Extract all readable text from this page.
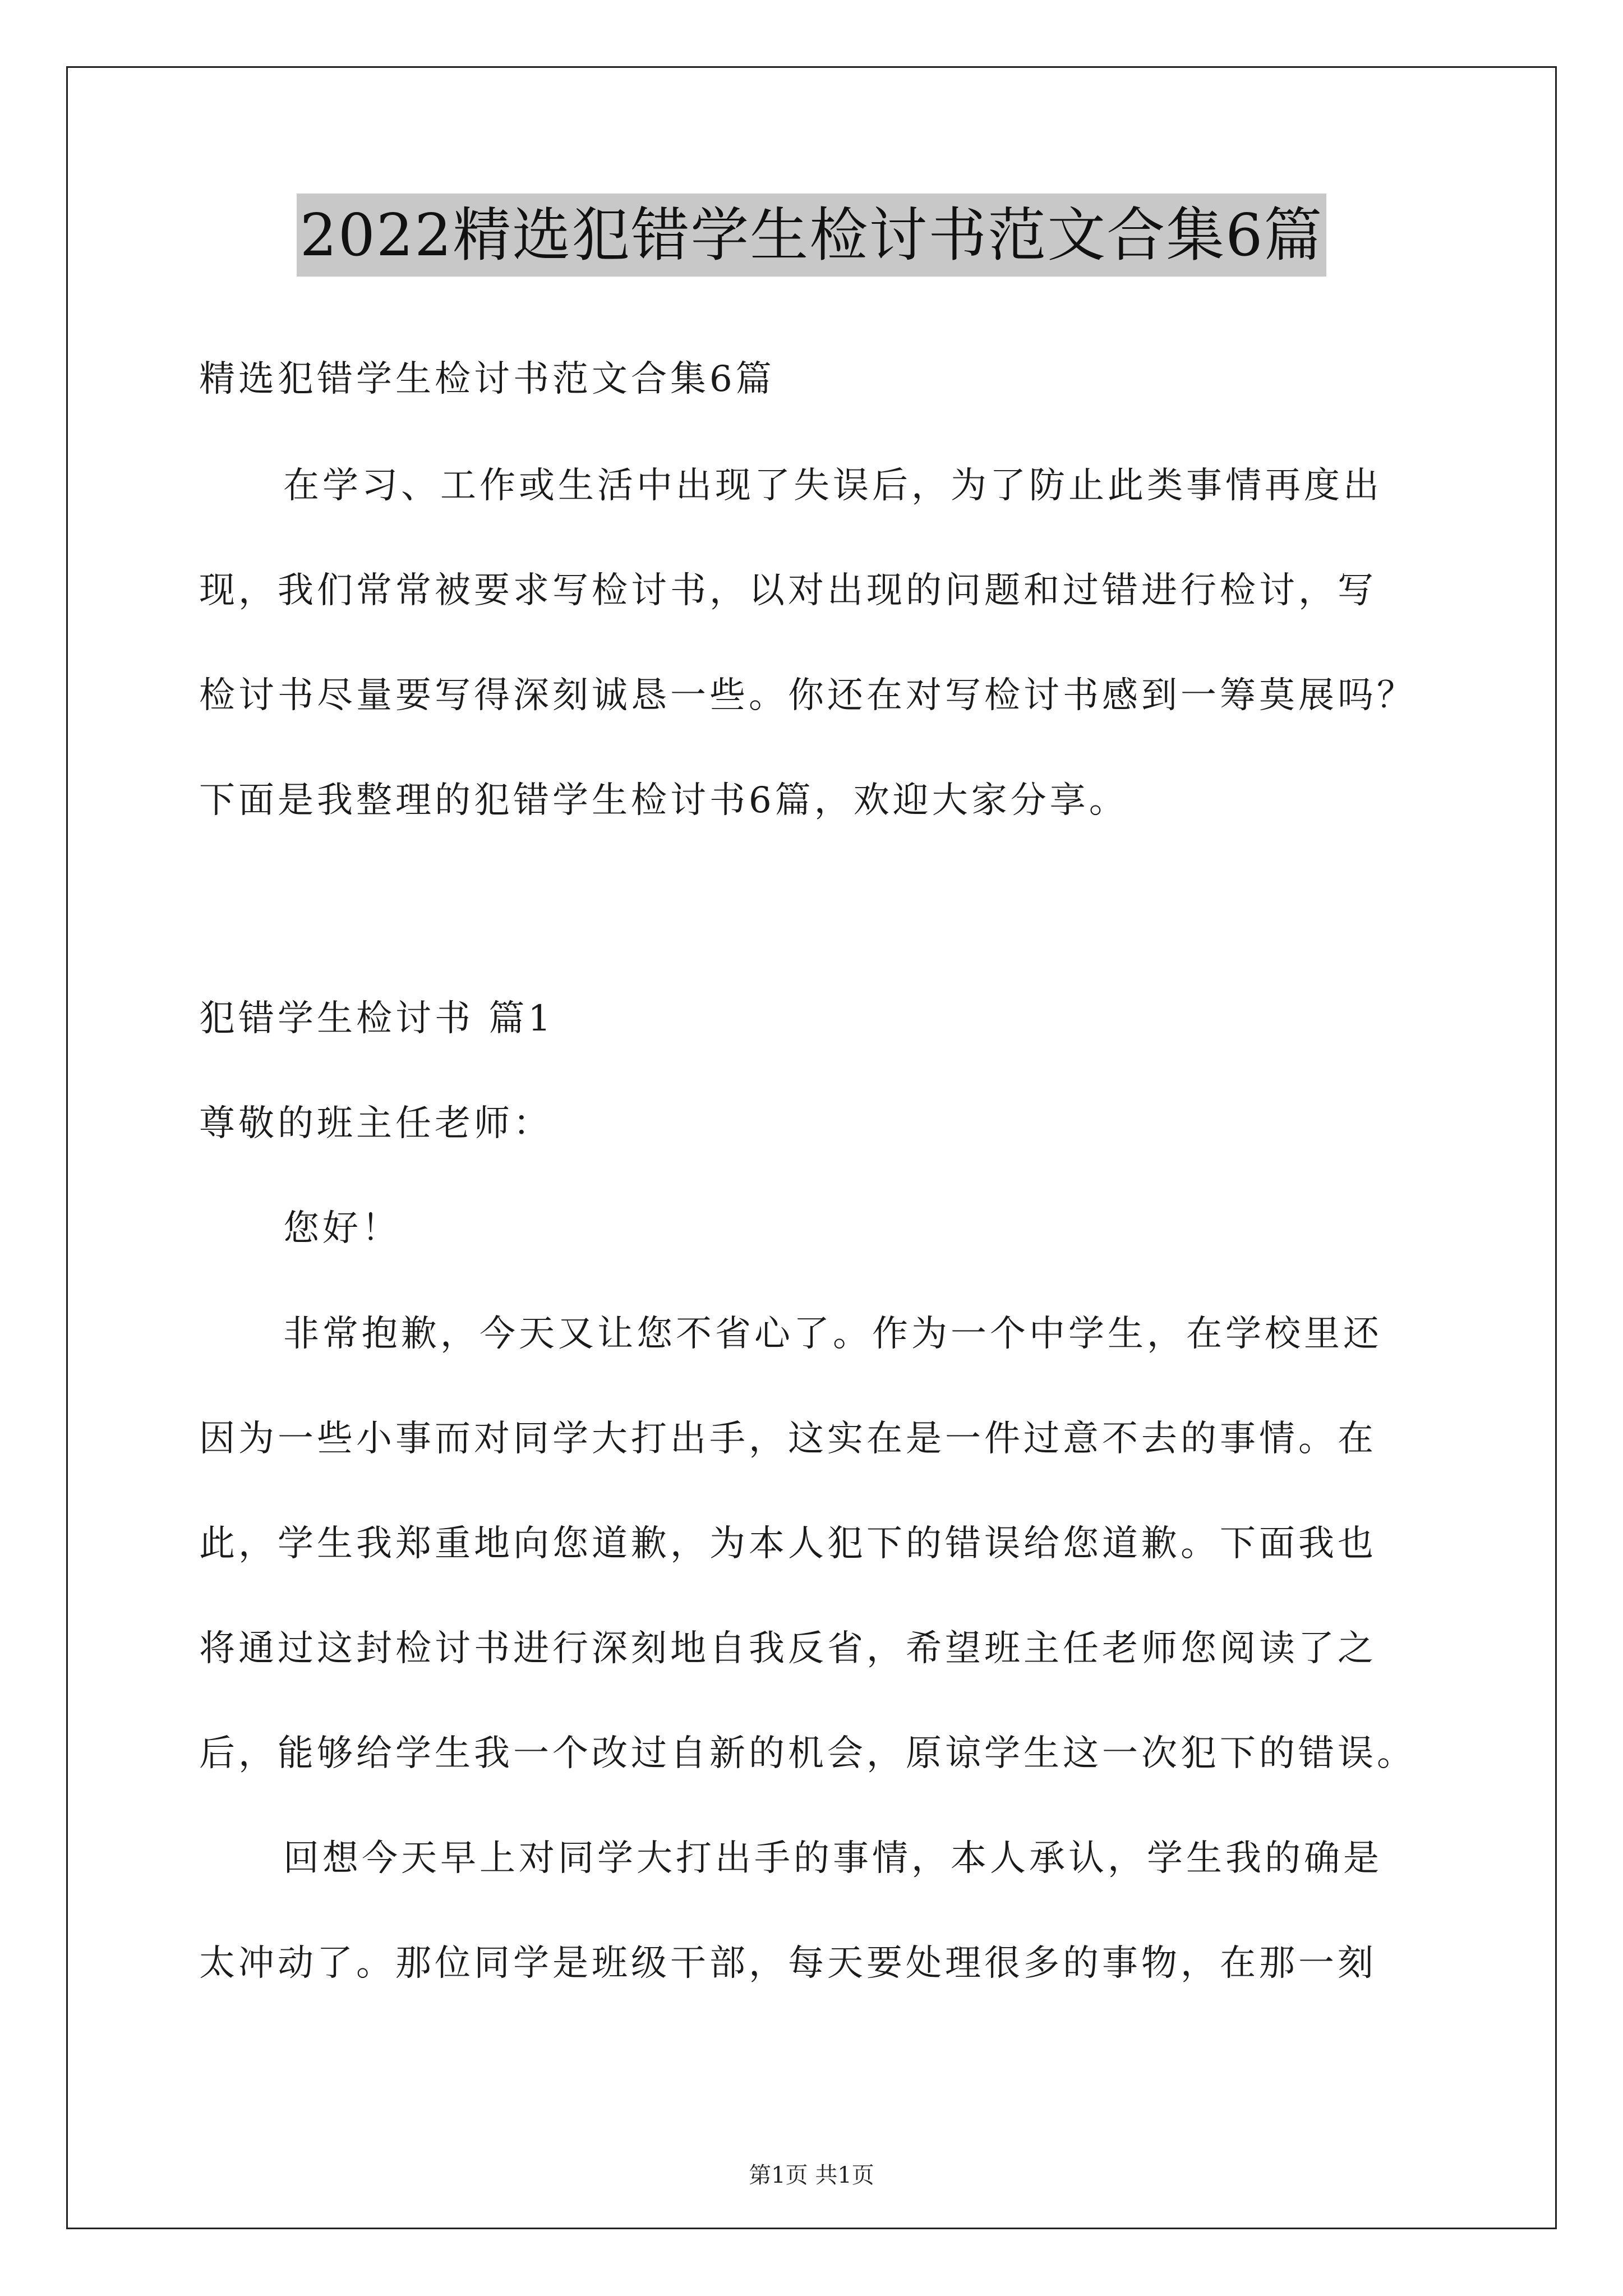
2022精选犯错学生检讨书范文合集6篇
精选犯错学生检讨书范文合集6篇
在学习、工作或生活中出现了失误后，为了防止此类事情再度出
现，我们常常被要求写检讨书，以对出现的问题和过错进行检讨，写
检讨书尽量要写得深刻诚恳一些。你还在对写检讨书感到一筹莫展吗？
下面是我整理的犯错学生检讨书6篇，欢迎大家分享。
犯错学生检讨书 篇1
尊敬的班主任老师：
您好！
非常抱歉，今天又让您不省心了。作为一个中学生，在学校里还
因为一些小事而对同学大打出手，这实在是一件过意不去的事情。在
此，学生我郑重地向您道歉，为本人犯下的错误给您道歉。下面我也
将通过这封检讨书进行深刻地自我反省，希望班主任老师您阅读了之
后，能够给学生我一个改过自新的机会，原谅学生这一次犯下的错误。
回想今天早上对同学大打出手的事情，本人承认，学生我的确是
太冲动了。那位同学是班级干部，每天要处理很多的事物，在那一刻
第1页 共1页
